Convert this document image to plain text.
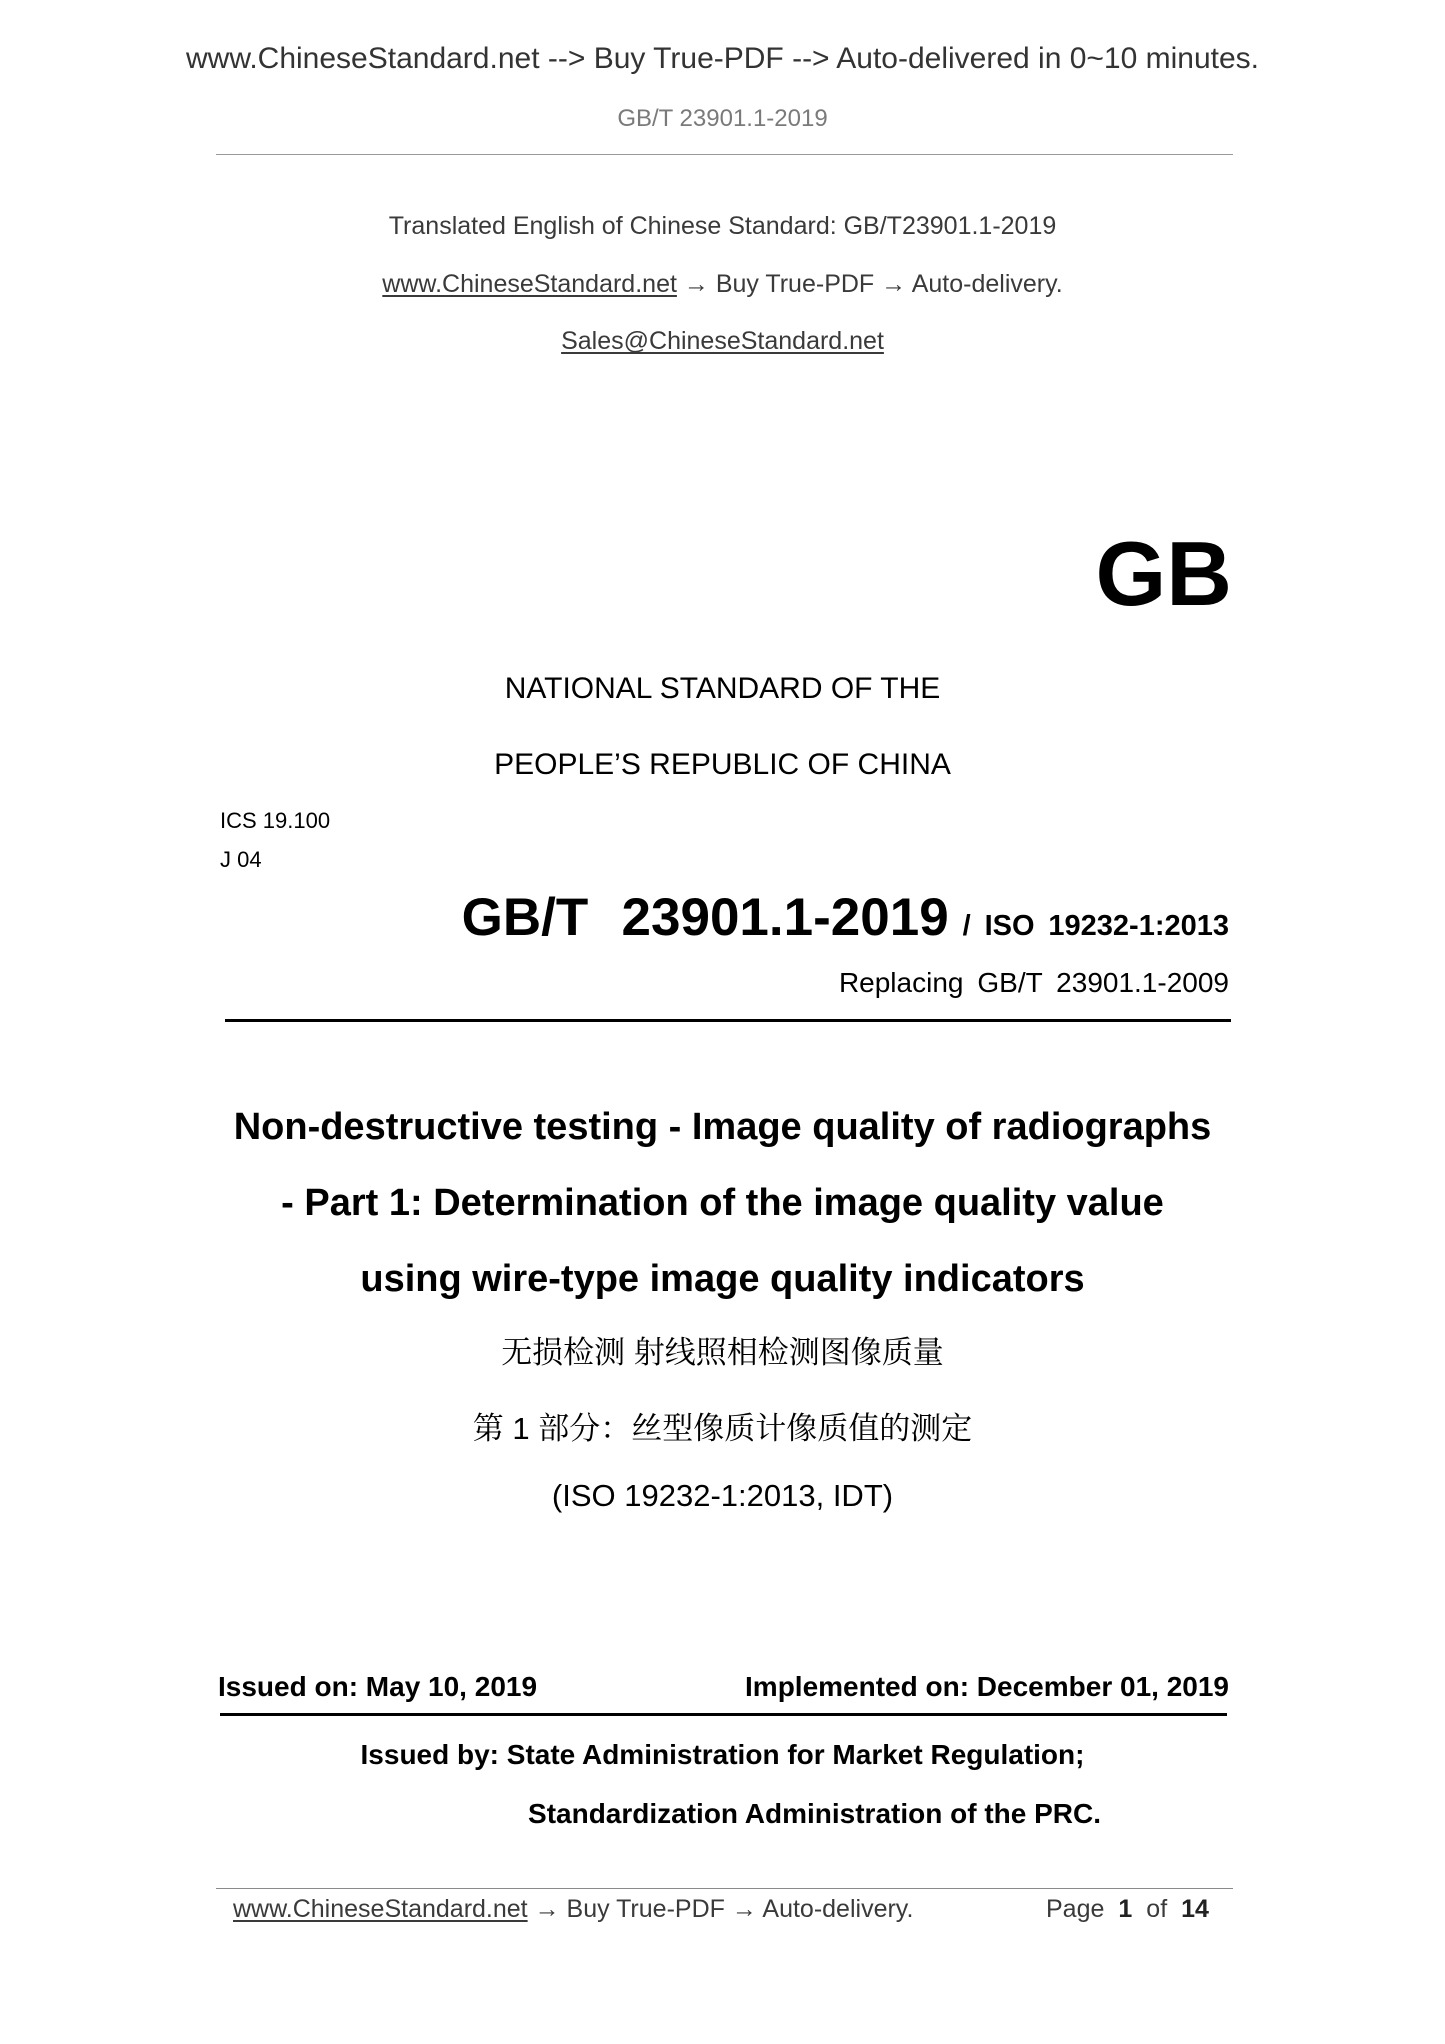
www.ChineseStandard.net --> Buy True-PDF --> Auto-delivered in 0~10 minutes.
GB/T 23901.1-2019
Translated English of Chinese Standard: GB/T23901.1-2019
www.ChineseStandard.net → Buy True-PDF → Auto-delivery.
Sales@ChineseStandard.net
GB
NATIONAL STANDARD OF THE
PEOPLE’S REPUBLIC OF CHINA
ICS 19.100
J 04
GB/T 23901.1-2019 / ISO 19232-1:2013
Replacing GB/T 23901.1-2009
Non-destructive testing - Image quality of radiographs
- Part 1: Determination of the image quality value
using wire-type image quality indicators
无损检测 射线照相检测图像质量
第 1 部分：丝型像质计像质值的测定
(ISO 19232-1:2013, IDT)
Issued on: May 10, 2019	Implemented on: December 01, 2019
Issued by: State Administration for Market Regulation;
Standardization Administration of the PRC.
www.ChineseStandard.net → Buy True-PDF → Auto-delivery.	Page 1 of 14
